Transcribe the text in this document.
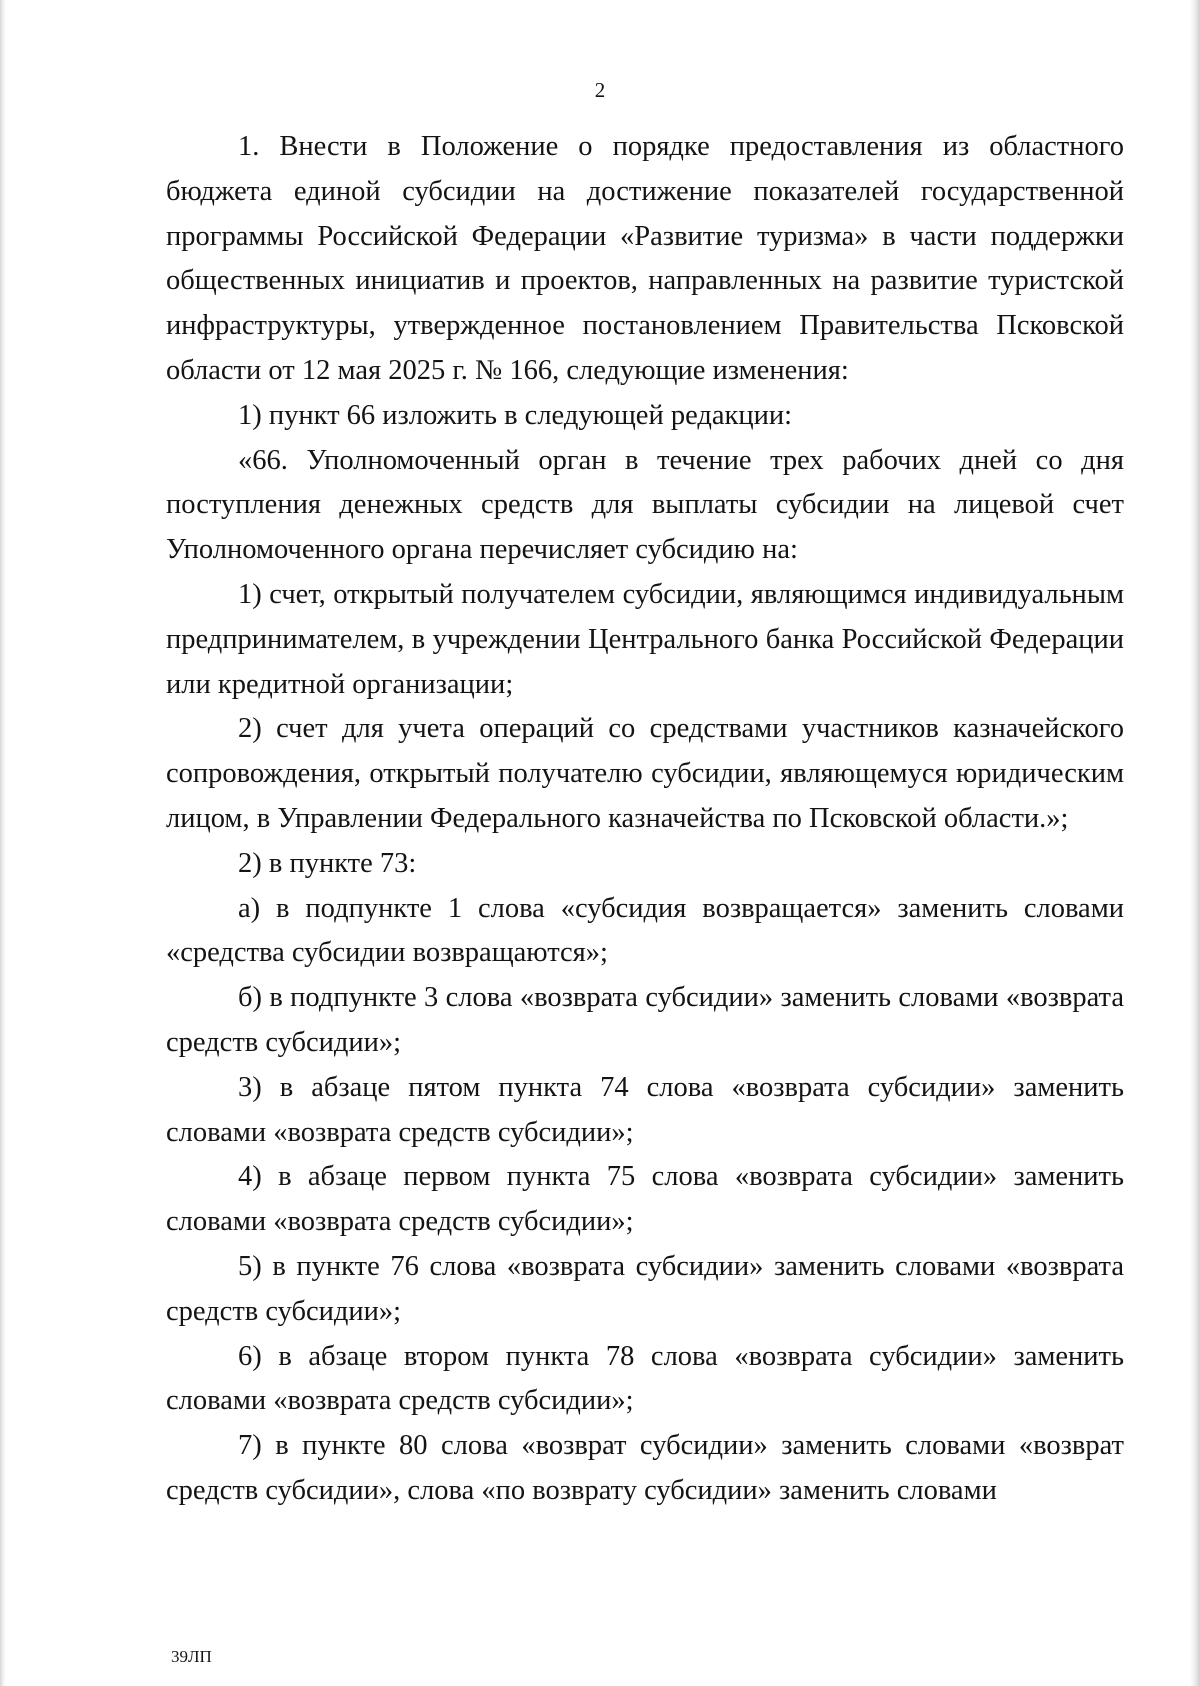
2

1. Внести в Положение о порядке предоставления из областного бюджета единой субсидии на достижение показателей государственной программы Российской Федерации «Развитие туризма» в части поддержки общественных инициатив и проектов, направленных на развитие туристской инфраструктуры, утвержденное постановлением Правительства Псковской области от 12 мая 2025 г. № 166, следующие изменения:

1) пункт 66 изложить в следующей редакции:

«66. Уполномоченный орган в течение трех рабочих дней со дня поступления денежных средств для выплаты субсидии на лицевой счет Уполномоченного органа перечисляет субсидию на:

1) счет, открытый получателем субсидии, являющимся индивидуальным предпринимателем, в учреждении Центрального банка Российской Федерации или кредитной организации;

2) счет для учета операций со средствами участников казначейского сопровождения, открытый получателю субсидии, являющемуся юридическим лицом, в Управлении Федерального казначейства по Псковской области.»;

2) в пункте 73:

а) в подпункте 1 слова «субсидия возвращается» заменить словами «средства субсидии возвращаются»;

б) в подпункте 3 слова «возврата субсидии» заменить словами «возврата средств субсидии»;

3) в абзаце пятом пункта 74 слова «возврата субсидии» заменить словами «возврата средств субсидии»;

4) в абзаце первом пункта 75 слова «возврата субсидии» заменить словами «возврата средств субсидии»;

5) в пункте 76 слова «возврата субсидии» заменить словами «возврата средств субсидии»;

6) в абзаце втором пункта 78 слова «возврата субсидии» заменить словами «возврата средств субсидии»;

7) в пункте 80 слова «возврат субсидии» заменить словами «возврат средств субсидии», слова «по возврату субсидии» заменить словами

39ЛП
